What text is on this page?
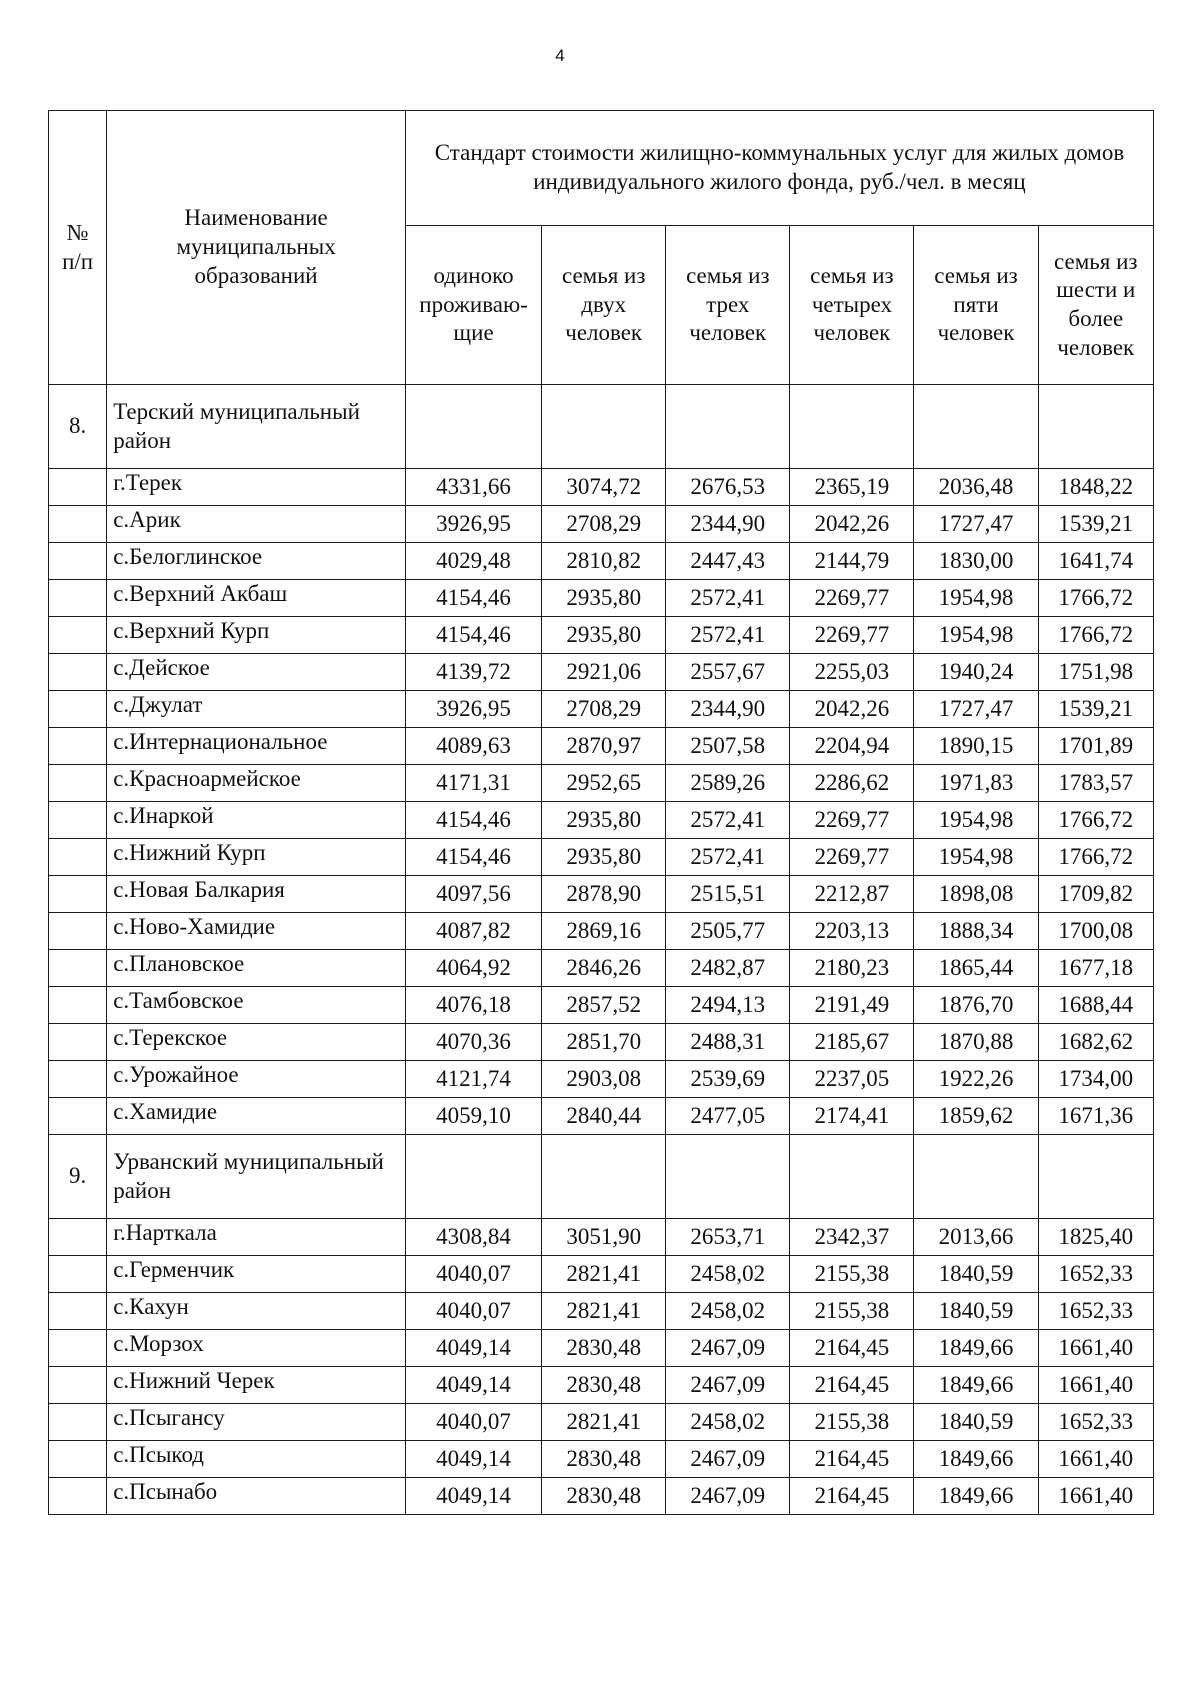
4
№ п/п	Наименование муниципальных образований	Стандарт стоимости жилищно-коммунальных услуг для жилых домов индивидуального жилого фонда, руб./чел. в месяц					
		одиноко проживаю-щие	семья из двух человек	семья из трех человек	семья из четырех человек	семья из пяти человек	семья из шести и более человек
8.	Терский муниципальный район						
	г.Терек	4331,66	3074,72	2676,53	2365,19	2036,48	1848,22
	с.Арик	3926,95	2708,29	2344,90	2042,26	1727,47	1539,21
	с.Белоглинское	4029,48	2810,82	2447,43	2144,79	1830,00	1641,74
	с.Верхний Акбаш	4154,46	2935,80	2572,41	2269,77	1954,98	1766,72
	с.Верхний Курп	4154,46	2935,80	2572,41	2269,77	1954,98	1766,72
	с.Дейское	4139,72	2921,06	2557,67	2255,03	1940,24	1751,98
	с.Джулат	3926,95	2708,29	2344,90	2042,26	1727,47	1539,21
	с.Интернациональное	4089,63	2870,97	2507,58	2204,94	1890,15	1701,89
	с.Красноармейское	4171,31	2952,65	2589,26	2286,62	1971,83	1783,57
	с.Инаркой	4154,46	2935,80	2572,41	2269,77	1954,98	1766,72
	с.Нижний Курп	4154,46	2935,80	2572,41	2269,77	1954,98	1766,72
	с.Новая Балкария	4097,56	2878,90	2515,51	2212,87	1898,08	1709,82
	с.Ново-Хамидие	4087,82	2869,16	2505,77	2203,13	1888,34	1700,08
	с.Плановское	4064,92	2846,26	2482,87	2180,23	1865,44	1677,18
	с.Тамбовское	4076,18	2857,52	2494,13	2191,49	1876,70	1688,44
	с.Терекское	4070,36	2851,70	2488,31	2185,67	1870,88	1682,62
	с.Урожайное	4121,74	2903,08	2539,69	2237,05	1922,26	1734,00
	с.Хамидие	4059,10	2840,44	2477,05	2174,41	1859,62	1671,36
9.	Урванский муниципальный район						
	г.Нарткала	4308,84	3051,90	2653,71	2342,37	2013,66	1825,40
	с.Герменчик	4040,07	2821,41	2458,02	2155,38	1840,59	1652,33
	с.Кахун	4040,07	2821,41	2458,02	2155,38	1840,59	1652,33
	с.Морзох	4049,14	2830,48	2467,09	2164,45	1849,66	1661,40
	с.Нижний Черек	4049,14	2830,48	2467,09	2164,45	1849,66	1661,40
	с.Псыгансу	4040,07	2821,41	2458,02	2155,38	1840,59	1652,33
	с.Псыкод	4049,14	2830,48	2467,09	2164,45	1849,66	1661,40
	с.Псынабо	4049,14	2830,48	2467,09	2164,45	1849,66	1661,40
